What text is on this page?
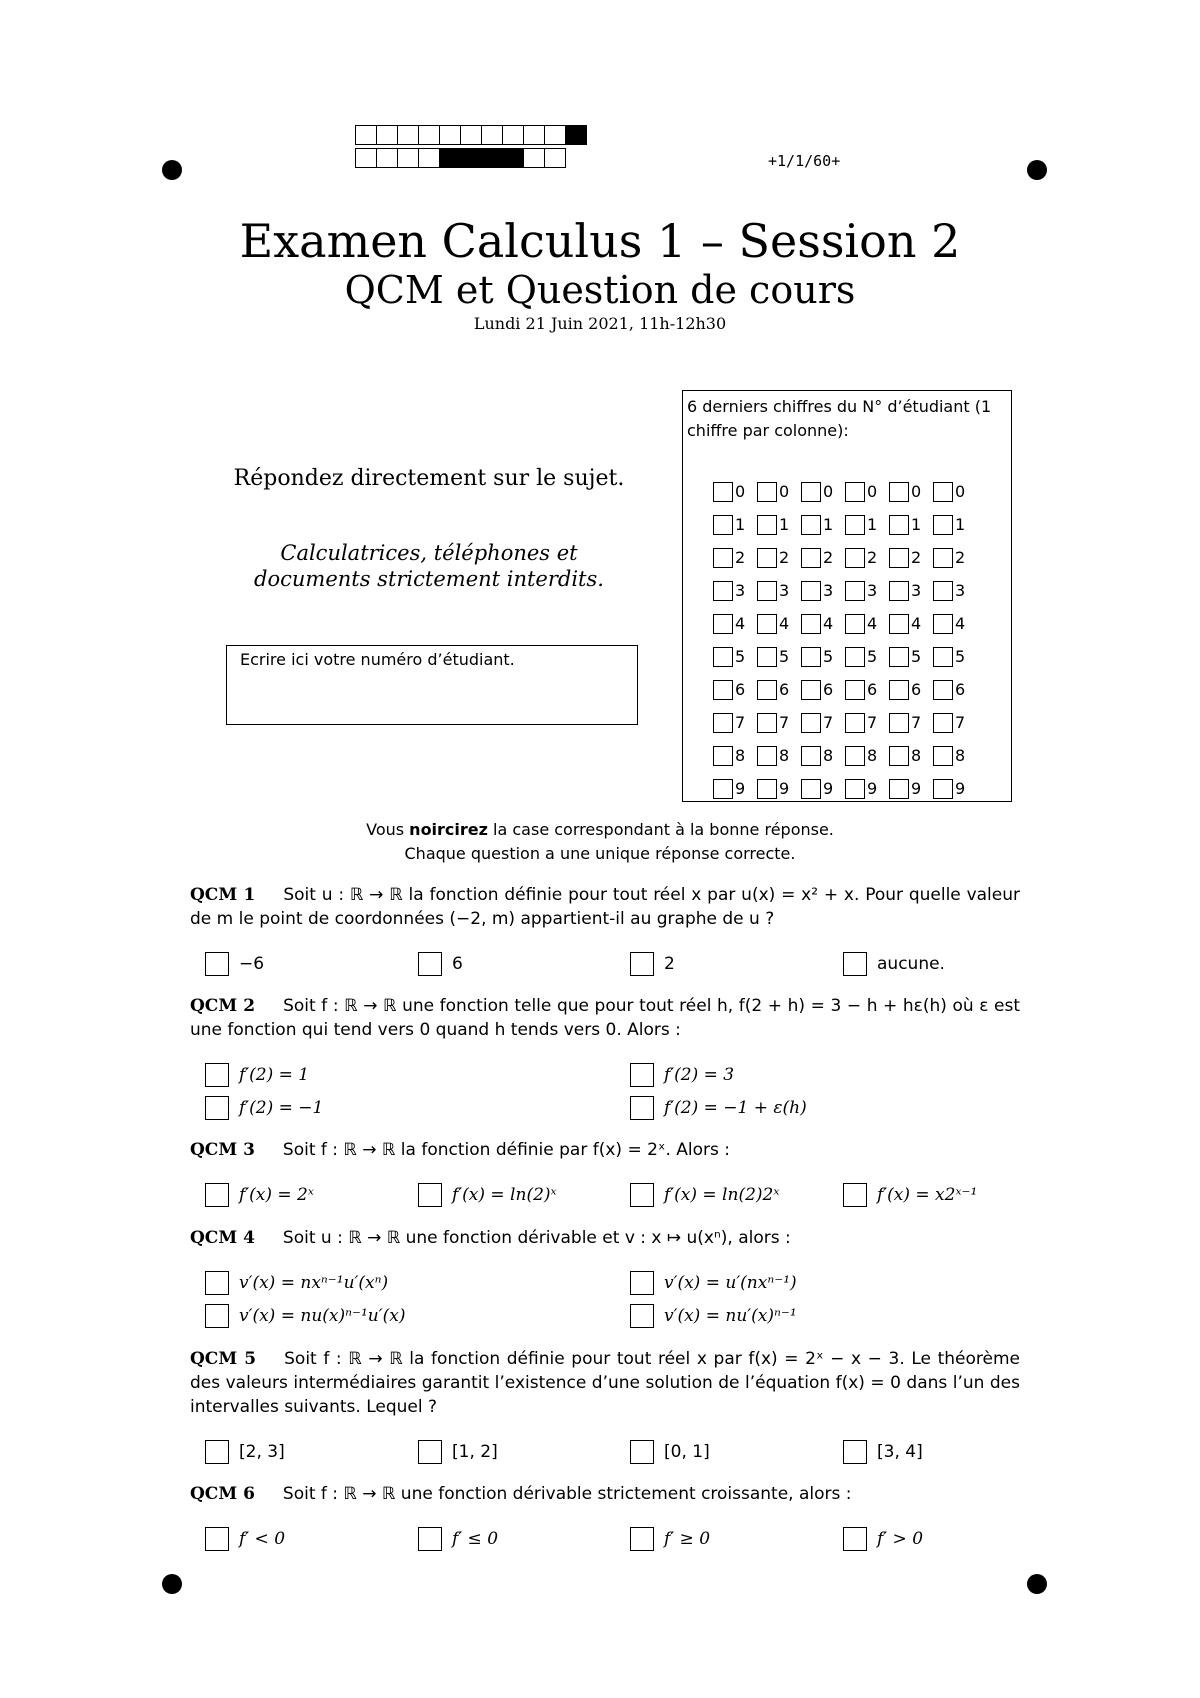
+1/1/60+
Examen Calculus 1 – Session 2
QCM et Question de cours
Lundi 21 Juin 2021, 11h-12h30
Répondez directement sur le sujet.
Calculatrices, téléphones et documents strictement interdits.
Ecrire ici votre numéro d’étudiant.
6 derniers chiffres du N° d’étudiant (1 chiffre par colonne):
0 0 0 0 0 0
1 1 1 1 1 1
2 2 2 2 2 2
3 3 3 3 3 3
4 4 4 4 4 4
5 5 5 5 5 5
6 6 6 6 6 6
7 7 7 7 7 7
8 8 8 8 8 8
9 9 9 9 9 9
Vous noircirez la case correspondant à la bonne réponse.
Chaque question a une unique réponse correcte.
QCM 1 Soit u : ℝ → ℝ la fonction définie pour tout réel x par u(x) = x² + x. Pour quelle valeur de m le point de coordonnées (−2, m) appartient-il au graphe de u ?
−6	6	2	aucune.
QCM 2 Soit f : ℝ → ℝ une fonction telle que pour tout réel h, f(2 + h) = 3 − h + hε(h) où ε est une fonction qui tend vers 0 quand h tends vers 0. Alors :
f′(2) = 1	f′(2) = 3
f′(2) = −1	f′(2) = −1 + ε(h)
QCM 3 Soit f : ℝ → ℝ la fonction définie par f(x) = 2ˣ. Alors :
f′(x) = 2ˣ	f′(x) = ln(2)ˣ	f′(x) = ln(2)2ˣ	f′(x) = x2ˣ⁻¹
QCM 4 Soit u : ℝ → ℝ une fonction dérivable et v : x ↦ u(xⁿ), alors :
v′(x) = nxⁿ⁻¹u′(xⁿ)	v′(x) = u′(nxⁿ⁻¹)
v′(x) = nu(x)ⁿ⁻¹u′(x)	v′(x) = nu′(x)ⁿ⁻¹
QCM 5 Soit f : ℝ → ℝ la fonction définie pour tout réel x par f(x) = 2ˣ − x − 3. Le théorème des valeurs intermédiaires garantit l’existence d’une solution de l’équation f(x) = 0 dans l’un des intervalles suivants. Lequel ?
[2, 3]	[1, 2]	[0, 1]	[3, 4]
QCM 6 Soit f : ℝ → ℝ une fonction dérivable strictement croissante, alors :
f′ < 0	f′ ≤ 0	f′ ≥ 0	f′ > 0
